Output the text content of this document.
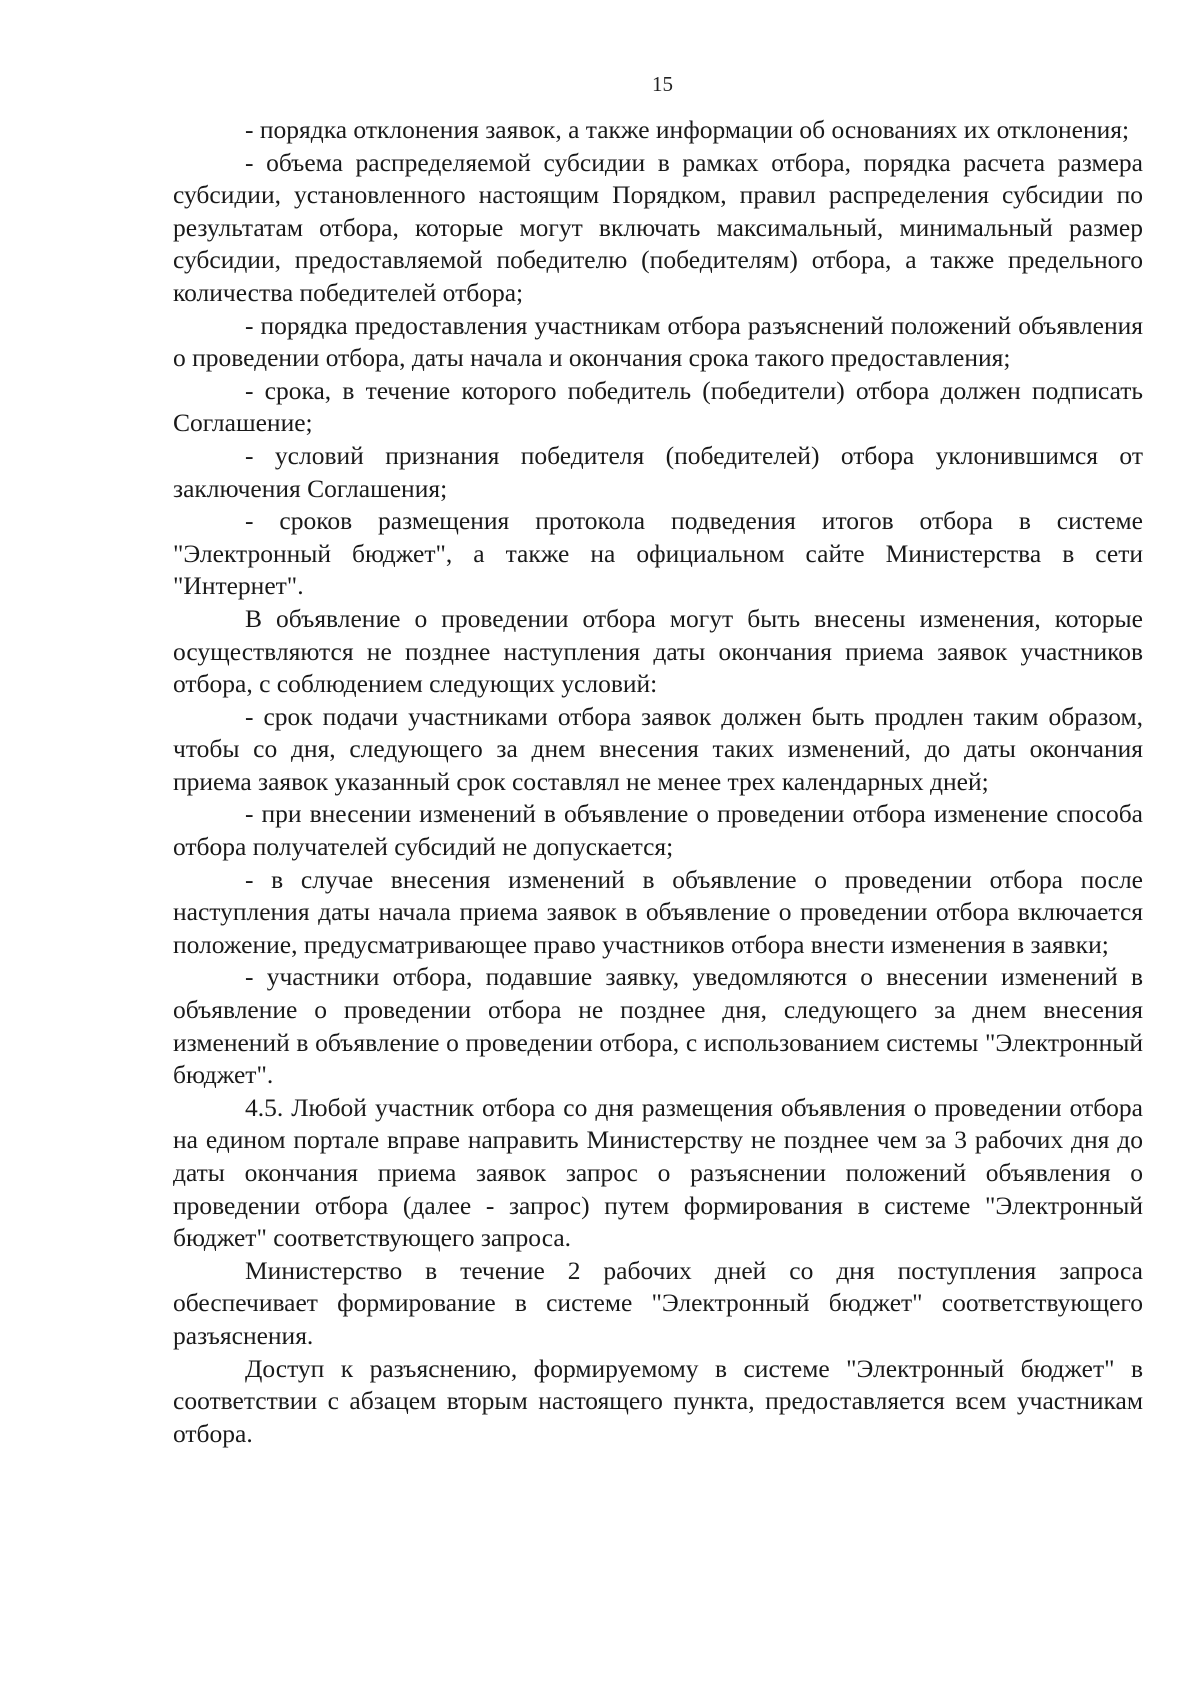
15

- порядка отклонения заявок, а также информации об основаниях их отклонения;

- объема распределяемой субсидии в рамках отбора, порядка расчета размера субсидии, установленного настоящим Порядком, правил распределения субсидии по результатам отбора, которые могут включать максимальный, минимальный размер субсидии, предоставляемой победителю (победителям) отбора, а также предельного количества победителей отбора;

- порядка предоставления участникам отбора разъяснений положений объявления о проведении отбора, даты начала и окончания срока такого предоставления;

- срока, в течение которого победитель (победители) отбора должен подписать Соглашение;

- условий признания победителя (победителей) отбора уклонившимся от заключения Соглашения;

- сроков размещения протокола подведения итогов отбора в системе "Электронный бюджет", а также на официальном сайте Министерства в сети "Интернет".

В объявление о проведении отбора могут быть внесены изменения, которые осуществляются не позднее наступления даты окончания приема заявок участников отбора, с соблюдением следующих условий:

- срок подачи участниками отбора заявок должен быть продлен таким образом, чтобы со дня, следующего за днем внесения таких изменений, до даты окончания приема заявок указанный срок составлял не менее трех календарных дней;

- при внесении изменений в объявление о проведении отбора изменение способа отбора получателей субсидий не допускается;

- в случае внесения изменений в объявление о проведении отбора после наступления даты начала приема заявок в объявление о проведении отбора включается положение, предусматривающее право участников отбора внести изменения в заявки;

- участники отбора, подавшие заявку, уведомляются о внесении изменений в объявление о проведении отбора не позднее дня, следующего за днем внесения изменений в объявление о проведении отбора, с использованием системы "Электронный бюджет".

4.5. Любой участник отбора со дня размещения объявления о проведении отбора на едином портале вправе направить Министерству не позднее чем за 3 рабочих дня до даты окончания приема заявок запрос о разъяснении положений объявления о проведении отбора (далее - запрос) путем формирования в системе "Электронный бюджет" соответствующего запроса.

Министерство в течение 2 рабочих дней со дня поступления запроса обеспечивает формирование в системе "Электронный бюджет" соответствующего разъяснения.

Доступ к разъяснению, формируемому в системе "Электронный бюджет" в соответствии с абзацем вторым настоящего пункта, предоставляется всем участникам отбора.
